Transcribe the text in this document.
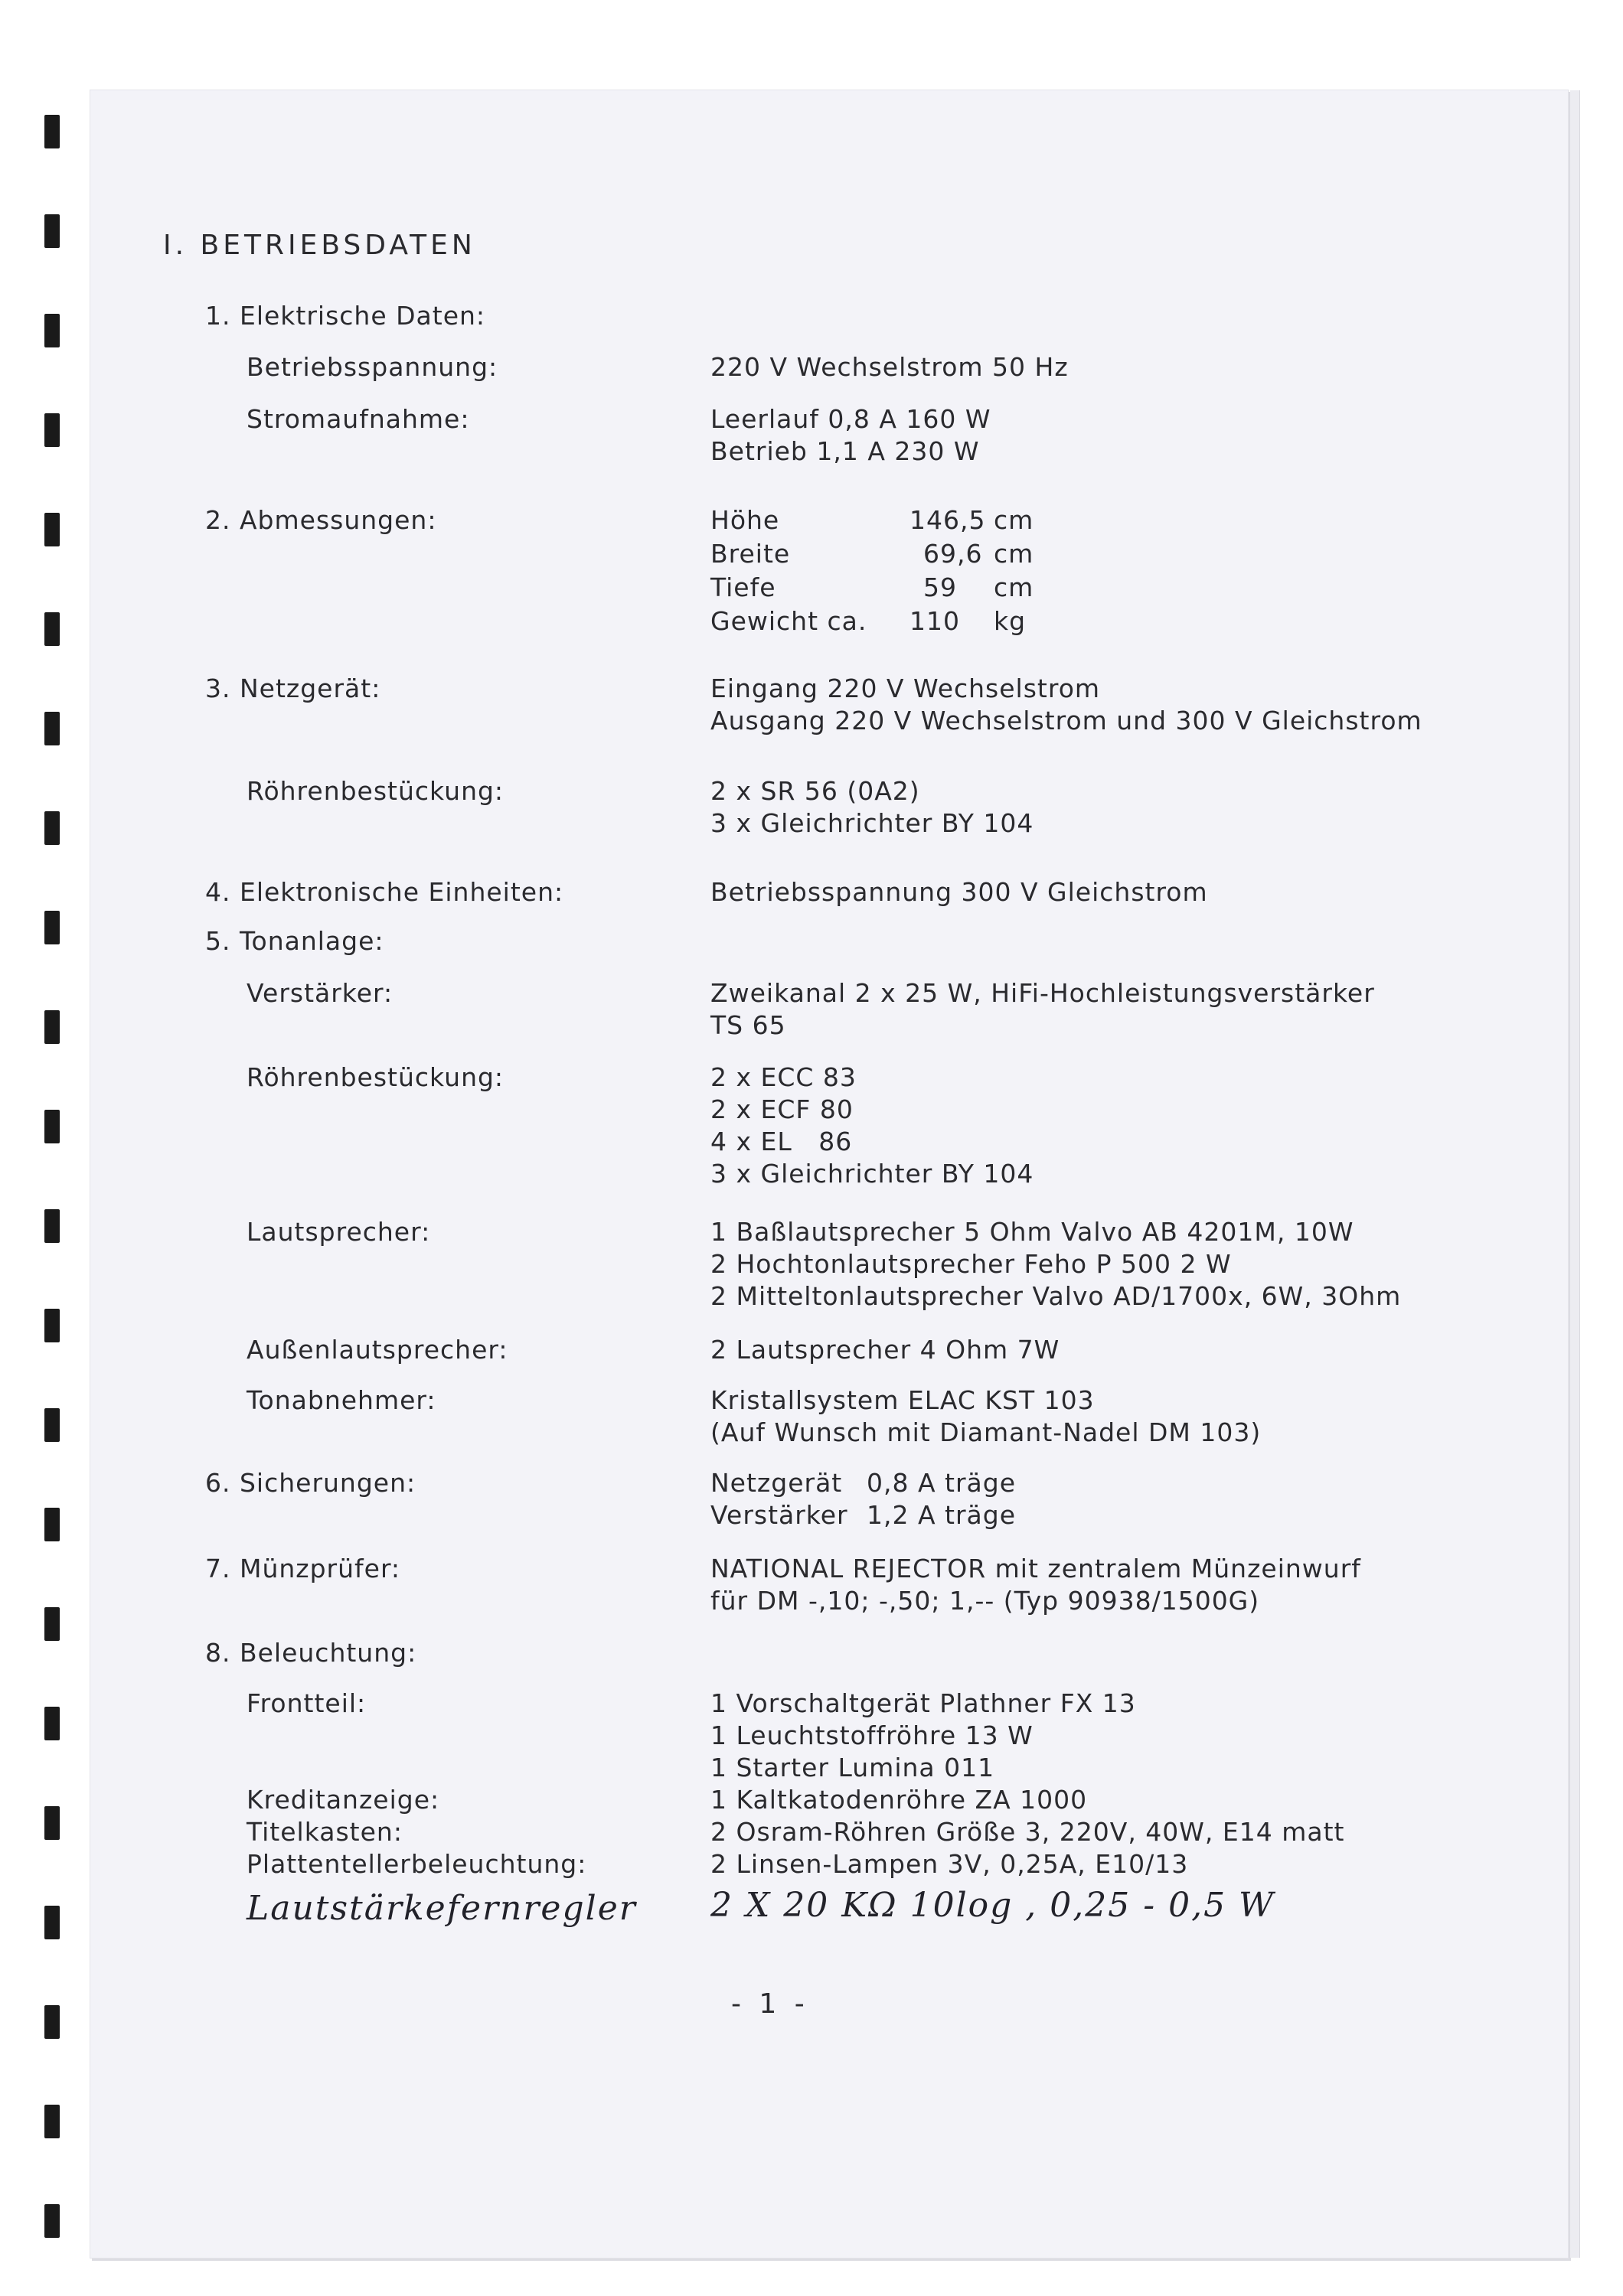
I. BETRIEBSDATEN
1. Elektrische Daten:
Betriebsspannung:	220 V Wechselstrom 50 Hz
Stromaufnahme:	Leerlauf 0,8 A 160 W
Betrieb 1,1 A 230 W
2. Abmessungen:	Höhe	146,5 cm
Breite	69,6 cm
Tiefe	59 cm
Gewicht ca. 110 kg
3. Netzgerät:	Eingang 220 V Wechselstrom
Ausgang 220 V Wechselstrom und 300 V Gleichstrom
Röhrenbestückung:	2 x SR 56 (0A2)
3 x Gleichrichter BY 104
4. Elektronische Einheiten:	Betriebsspannung 300 V Gleichstrom
5. Tonanlage:
Verstärker:	Zweikanal 2 x 25 W, HiFi-Hochleistungsverstärker
TS 65
Röhrenbestückung:	2 x ECC 83
2 x ECF 80
4 x EL   86
3 x Gleichrichter BY 104
Lautsprecher:	1 Baßlautsprecher 5 Ohm Valvo AB 4201M, 10W
2 Hochtonlautsprecher Feho P 500 2 W
2 Mitteltonlautsprecher Valvo AD/1700x, 6W, 3Ohm
Außenlautsprecher:	2 Lautsprecher 4 Ohm 7W
Tonabnehmer:	Kristallsystem ELAC KST 103
(Auf Wunsch mit Diamant-Nadel DM 103)
6. Sicherungen:	Netzgerät 0,8 A träge
Verstärker 1,2 A träge
7. Münzprüfer:	NATIONAL REJECTOR mit zentralem Münzeinwurf
für DM -,10; -,50; 1,-- (Typ 90938/1500G)
8. Beleuchtung:
Frontteil:	1 Vorschaltgerät Plathner FX 13
1 Leuchtstoffröhre 13 W
1 Starter Lumina 011
Kreditanzeige:	1 Kaltkatodenröhre ZA 1000
Titelkasten:	2 Osram-Röhren Größe 3, 220V, 40W, E14 matt
Plattentellerbeleuchtung:	2 Linsen-Lampen 3V, 0,25A, E10/13
Lautstärkefernregler 2 X 20 KΩ 10log , 0,25 - 0,5 W
- 1 -
